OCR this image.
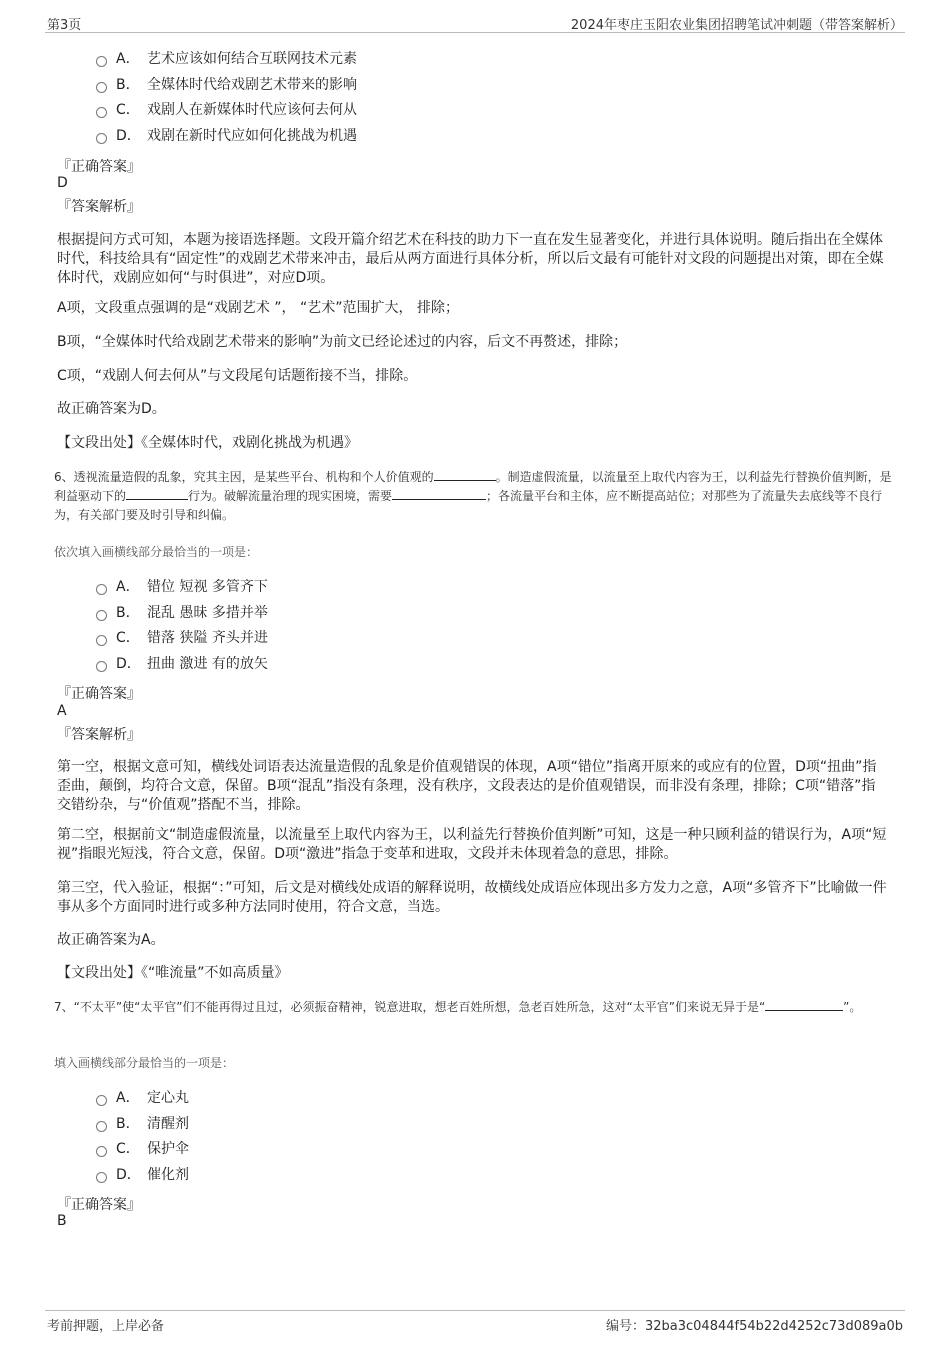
第3页	2024年枣庄玉阳农业集团招聘笔试冲刺题（带答案解析）
A． 艺术应该如何结合互联网技术元素
B． 全媒体时代给戏剧艺术带来的影响
C． 戏剧人在新媒体时代应该何去何从
D． 戏剧在新时代应如何化挑战为机遇
『正确答案』
D
『答案解析』
根据提问方式可知，本题为接语选择题。文段开篇介绍艺术在科技的助力下一直在发生显著变化，并进行具体说明。随后指出在全媒体时代，科技给具有“固定性”的戏剧艺术带来冲击，最后从两方面进行具体分析，所以后文最有可能针对文段的问题提出对策，即在全媒体时代，戏剧应如何“与时俱进”，对应D项。
A项，文段重点强调的是“戏剧艺术 ”， “艺术”范围扩大， 排除；
B项，“全媒体时代给戏剧艺术带来的影响”为前文已经论述过的内容，后文不再赘述，排除；
C项，“戏剧人何去何从”与文段尾句话题衔接不当，排除。
故正确答案为D。
【文段出处】《全媒体时代，戏剧化挑战为机遇》
6、透视流量造假的乱象，究其主因，是某些平台、机构和个人价值观的	。制造虚假流量，以流量至上取代内容为王，以利益先行替换价值判断，是利益驱动下的	行为。破解流量治理的现实困境，需要	；各流量平台和主体，应不断提高站位；对那些为了流量失去底线等不良行为，有关部门要及时引导和纠偏。
依次填入画横线部分最恰当的一项是：
A． 错位 短视 多管齐下
B． 混乱 愚昧 多措并举
C． 错落 狭隘 齐头并进
D． 扭曲 激进 有的放矢
『正确答案』
A
『答案解析』
第一空，根据文意可知，横线处词语表达流量造假的乱象是价值观错误的体现，A项“错位”指离开原来的或应有的位置，D项“扭曲”指歪曲，颠倒，均符合文意，保留。B项“混乱”指没有条理，没有秩序，文段表达的是价值观错误，而非没有条理，排除；C项“错落”指交错纷杂，与“价值观”搭配不当，排除。
第二空，根据前文“制造虚假流量，以流量至上取代内容为王，以利益先行替换价值判断”可知，这是一种只顾利益的错误行为，A项“短视”指眼光短浅，符合文意，保留。D项“激进”指急于变革和进取，文段并未体现着急的意思，排除。
第三空，代入验证，根据“：”可知，后文是对横线处成语的解释说明，故横线处成语应体现出多方发力之意，A项“多管齐下”比喻做一件事从多个方面同时进行或多种方法同时使用，符合文意，当选。
故正确答案为A。
【文段出处】《“唯流量”不如高质量》
7、“不太平”使“太平官”们不能再得过且过，必须振奋精神，锐意进取，想老百姓所想，急老百姓所急，这对“太平官”们来说无异于是“	”。
填入画横线部分最恰当的一项是：
A． 定心丸
B． 清醒剂
C． 保护伞
D． 催化剂
『正确答案』
B
考前押题，上岸必备	编号：32ba3c04844f54b22d4252c73d089a0b
